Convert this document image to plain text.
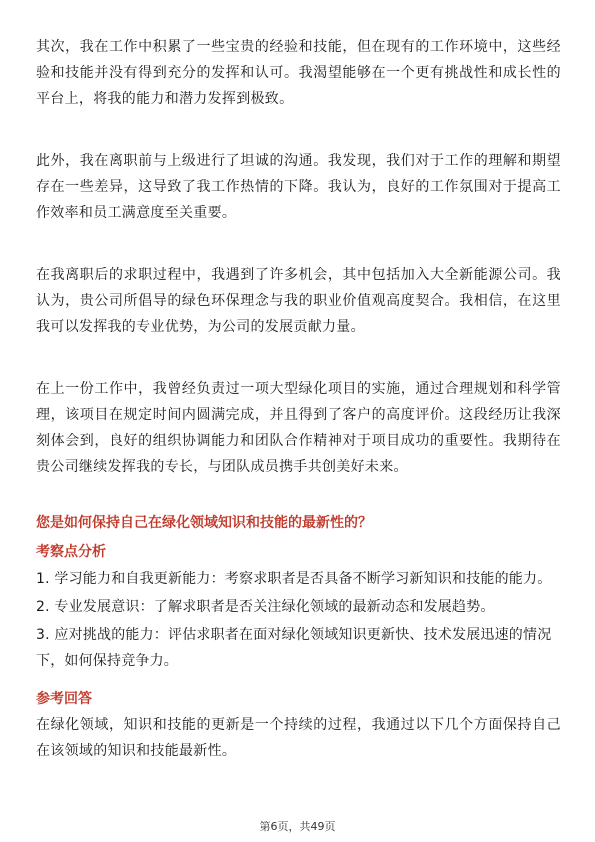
其次，我在工作中积累了一些宝贵的经验和技能，但在现有的工作环境中，这些经验和技能并没有得到充分的发挥和认可。我渴望能够在一个更有挑战性和成长性的平台上，将我的能力和潜力发挥到极致。

此外，我在离职前与上级进行了坦诚的沟通。我发现，我们对于工作的理解和期望存在一些差异，这导致了我工作热情的下降。我认为，良好的工作氛围对于提高工作效率和员工满意度至关重要。

在我离职后的求职过程中，我遇到了许多机会，其中包括加入大全新能源公司。我认为，贵公司所倡导的绿色环保理念与我的职业价值观高度契合。我相信，在这里我可以发挥我的专业优势，为公司的发展贡献力量。

在上一份工作中，我曾经负责过一项大型绿化项目的实施，通过合理规划和科学管理，该项目在规定时间内圆满完成，并且得到了客户的高度评价。这段经历让我深刻体会到，良好的组织协调能力和团队合作精神对于项目成功的重要性。我期待在贵公司继续发挥我的专长，与团队成员携手共创美好未来。

您是如何保持自己在绿化领域知识和技能的最新性的？

考察点分析

1. 学习能力和自我更新能力：考察求职者是否具备不断学习新知识和技能的能力。

2. 专业发展意识：了解求职者是否关注绿化领域的最新动态和发展趋势。

3. 应对挑战的能力：评估求职者在面对绿化领域知识更新快、技术发展迅速的情况下，如何保持竞争力。

参考回答

在绿化领域，知识和技能的更新是一个持续的过程，我通过以下几个方面保持自己在该领域的知识和技能最新性。

第6页，共49页
